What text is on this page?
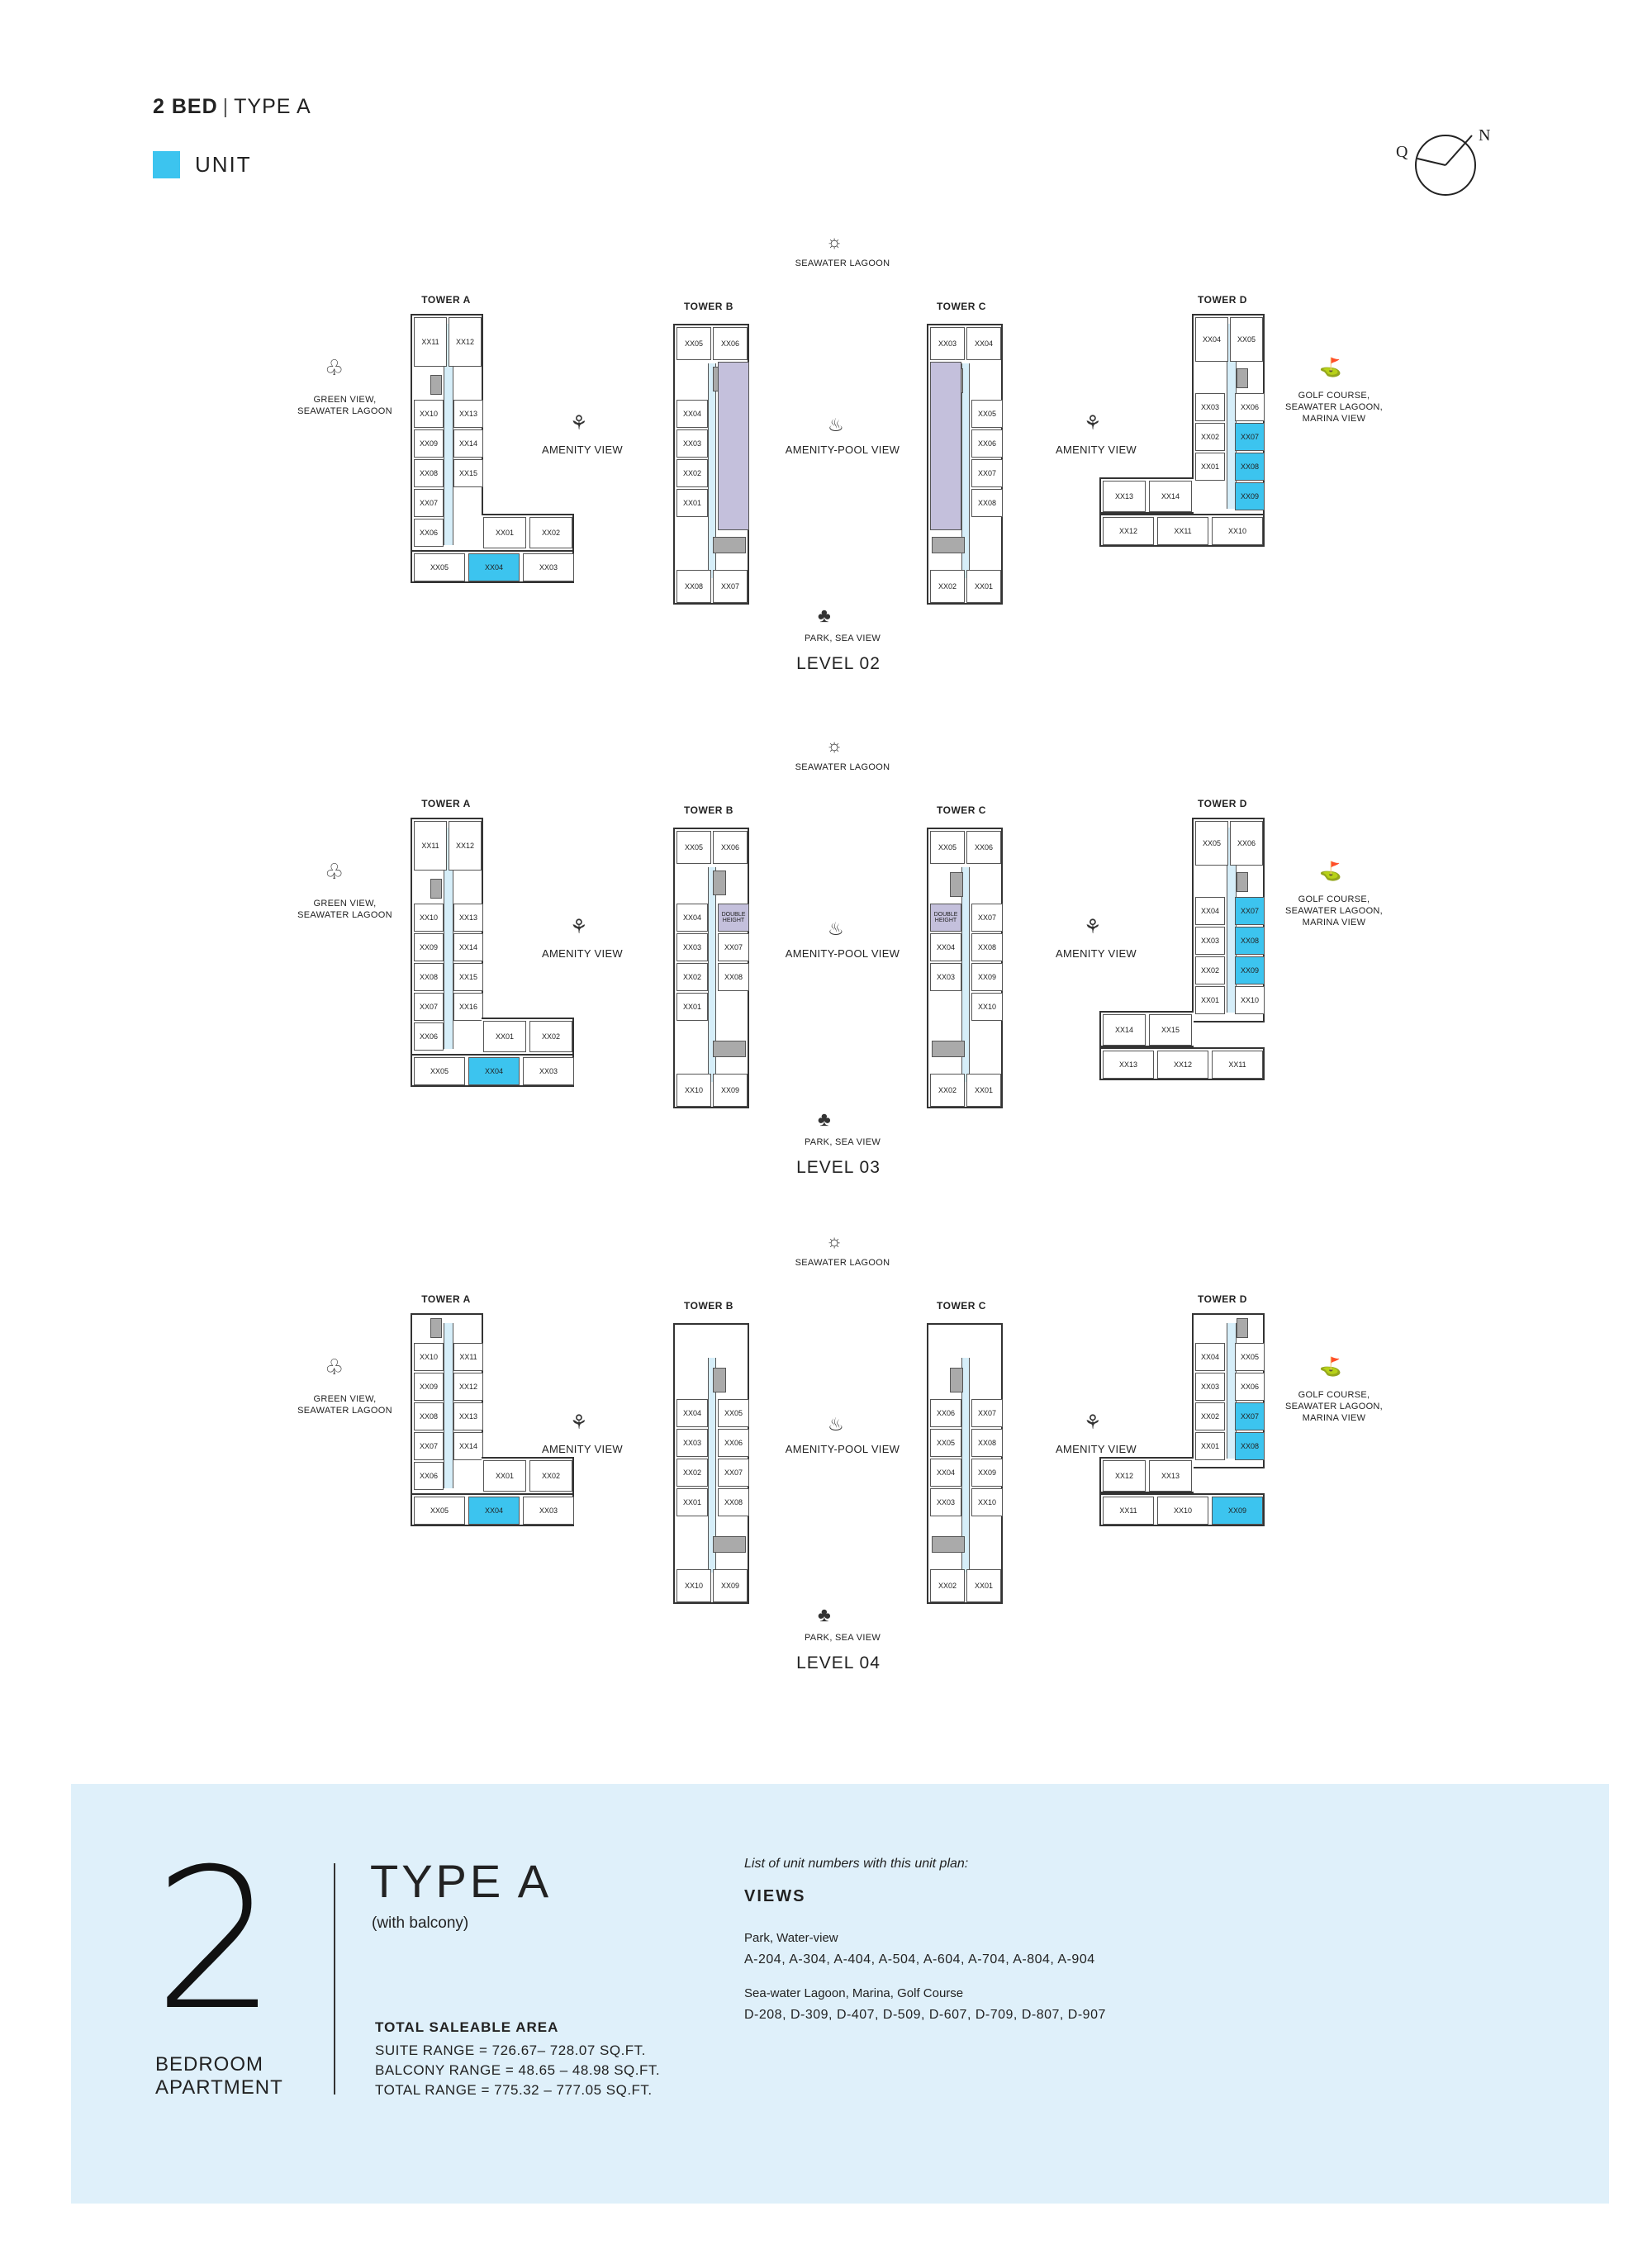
2 BED | TYPE A
UNIT	Q
N
SEAWATER LAGOON
☼
PARK, SEA VIEW
♣
LEVEL 02
♧
GREEN VIEW,
SEAWATER LAGOON
⛳
GOLF COURSE,
SEAWATER LAGOON,
MARINA VIEW
AMENITY VIEW
⚘
AMENITY-POOL VIEW
♨
AMENITY VIEW
⚘
TOWER A
TOWER B	TOWER C
TOWER D
XX11	XX12
XX10
XX09
XX08
XX07
XX06
XX13
XX14
XX15
XX01	XX02
XX05	XX04	XX03
XX05	XX06
XX04
XX03
XX02
XX01
XX08	XX07
XX03	XX04
XX05
XX06
XX07
XX08
XX02	XX01
XX04	XX05
XX03
XX02
XX01
XX06
XX07
XX08
XX09
XX13	XX14
XX12	XX11	XX10
SEAWATER LAGOON
☼
PARK, SEA VIEW
♣
LEVEL 03
♧
GREEN VIEW,
SEAWATER LAGOON
⛳
GOLF COURSE,
SEAWATER LAGOON,
MARINA VIEW
AMENITY VIEW
⚘
AMENITY-POOL VIEW
♨
AMENITY VIEW
⚘
TOWER A
TOWER B	TOWER C
TOWER D
XX11	XX12
XX10
XX09
XX08
XX07
XX06
XX13
XX14
XX15
XX16
XX01	XX02
XX05	XX04	XX03
XX05	XX06
XX04
XX03
XX02
XX01
DOUBLE HEIGHT
XX07
XX08
XX10	XX09
XX05	XX06
DOUBLE HEIGHT
XX04
XX03
XX07
XX08
XX09
XX10
XX02	XX01
XX05	XX06
XX04
XX03
XX02
XX01
XX07
XX08
XX09
XX10
XX14	XX15
XX13	XX12	XX11
SEAWATER LAGOON
☼
PARK, SEA VIEW
♣
LEVEL 04
♧
GREEN VIEW,
SEAWATER LAGOON
⛳
GOLF COURSE,
SEAWATER LAGOON,
MARINA VIEW
AMENITY VIEW
⚘
AMENITY-POOL VIEW
♨
AMENITY VIEW
⚘
TOWER A
TOWER B	TOWER C
TOWER D
XX10
XX09
XX08
XX07
XX06
XX11
XX12
XX13
XX14
XX01	XX02
XX05	XX04	XX03
XX04
XX03
XX02
XX01
XX05
XX06
XX07
XX08
XX10	XX09
XX06
XX05
XX04
XX03
XX07
XX08
XX09
XX10
XX02	XX01
XX04
XX03
XX02
XX01
XX05
XX06
XX07
XX08
XX12	XX13
XX11	XX10	XX09
2
BEDROOM
APARTMENT
TYPE A
(with balcony)
TOTAL SALEABLE AREA
SUITE RANGE = 726.67– 728.07 SQ.FT.
BALCONY RANGE = 48.65 – 48.98 SQ.FT.
TOTAL RANGE = 775.32 – 777.05 SQ.FT.
List of unit numbers with this unit plan:
VIEWS
Park, Water-view
A-204, A-304, A-404, A-504, A-604, A-704, A-804, A-904
Sea-water Lagoon, Marina, Golf Course
D-208, D-309, D-407, D-509, D-607, D-709, D-807, D-907
